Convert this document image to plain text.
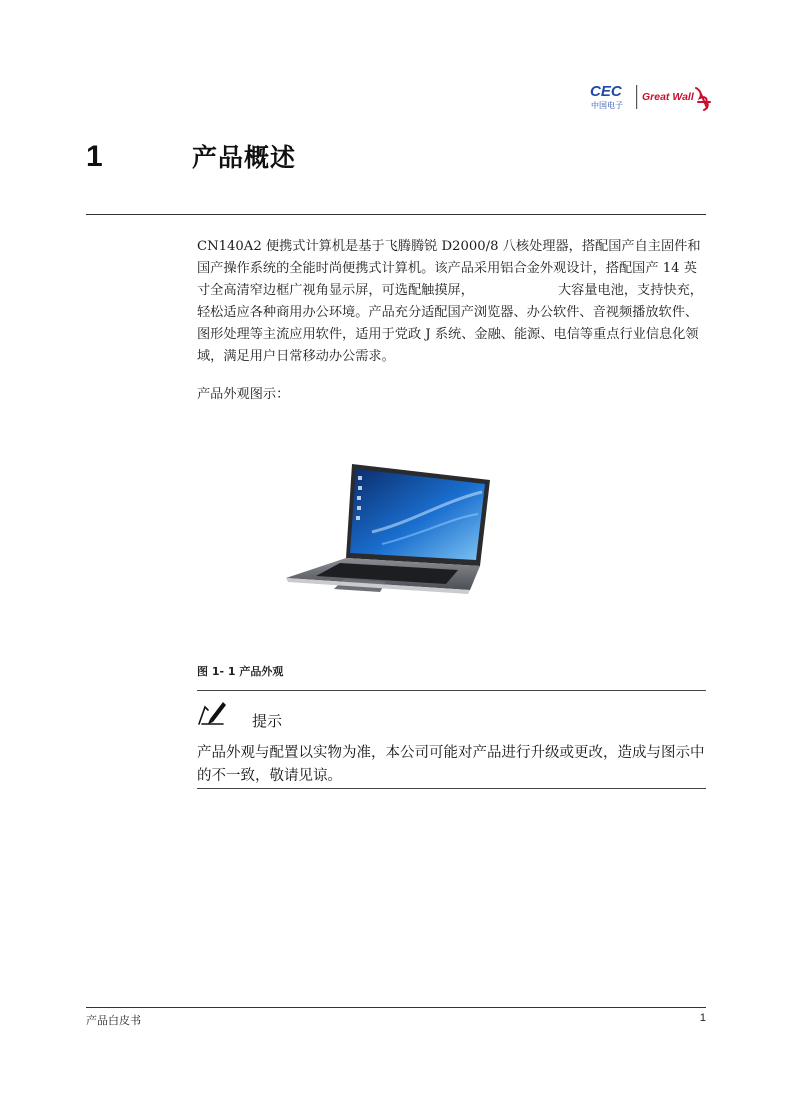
CEC
中国电子
Great Wall
1	产品概述

CN140A2 便携式计算机是基于飞腾腾锐 D2000/8 八核处理器，搭配国产自主固件和国产操作系统的全能时尚便携式计算机。该产品采用铝合金外观设计，搭配国产 14 英寸全高清窄边框广视角显示屏，可选配触摸屏，	大容量电池，支持快充，轻松适应各种商用办公环境。产品充分适配国产浏览器、办公软件、音视频播放软件、图形处理等主流应用软件，适用于党政 J 系统、金融、能源、电信等重点行业信息化领域，满足用户日常移动办公需求。

产品外观图示：
图 1- 1 产品外观
提示

产品外观与配置以实物为准，本公司可能对产品进行升级或更改，造成与图示中的不一致，敬请见谅。

产品白皮书	1
